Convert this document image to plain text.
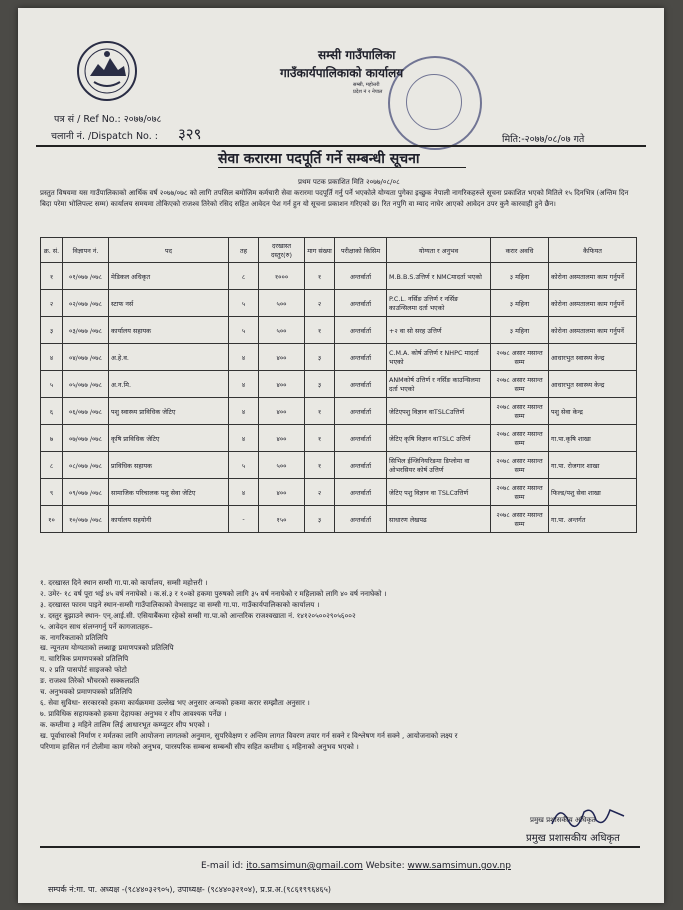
सम्सी गाउँपालिका
गाउँकार्यपालिकाको कार्यालय
सम्सी, महोत्तरी
प्रदेश नं २ नेपाल
पत्र सं / Ref No.: २०७७/०७८
चलानी नं. /Dispatch No. : ३२९	मिति:-२०७७/०८/०७ गते
सेवा करारमा पदपूर्ति गर्ने सम्बन्धी सूचना
प्रथम पटक प्रकाशित मिति २०७७/०८/०८
प्रस्तुत विषयमा यस गाउँपालिकाको आर्थिक वर्ष २०७७/०७८ को लागि तपसिल बमोजिम कर्मचारी सेवा करारमा पदपूर्ति गर्नु पर्ने भएकोले योग्यता पुगेका इच्छुक नेपाली नागरिकहरुले सूचना प्रकाशित भएको मितिले १५ दिनभित्र (अन्तिम दिन बिदा परेमा भोलिपल्ट सम्म) कार्यालय समयमा तोकिएको राजश्व तिरेको रसिद सहित आवेदन पेश गर्न हुन यो सूचना प्रकाशन गरिएको छ। रित नपुगि वा म्याद नाघेर आएको आवेदन उपर कुनै कारवाही हुने छैन।
क्र. सं.	विज्ञापन नं.	पद	तह	दरखास्त दस्तुर(रु)	माग संख्या	परीक्षाको किसिम	योग्यता र अनुभव	करार अवधि	कैफियत
१	०१/०७७ /०७८	मेडिकल अधिकृत	८	१०००	१	अन्तर्वार्ता	M.B.B.S.उत्तिर्ण र NMCमादर्ता भएको	३ महिना	कोरोना अस्पतालमा काम गर्नुपर्ने
२	०२/०७७ /०७८	स्टाफ नर्स	५	५००	२	अन्तर्वार्ता	P.C.L. नर्सिङ उत्तिर्ण र नर्सिङ काउन्सिलमा दर्ता भएको	३ महिना	कोरोना अस्पतालमा काम गर्नुपर्ने
३	०३/०७७ /०७८	कार्यालय सहायक	५	५००	१	अन्तर्वार्ता	+२ वा सो सरह उत्तिर्ण	३ महिना	कोरोना अस्पतालमा काम गर्नुपर्ने
४	०४/०७७ /०७८	अ.हे.व.	४	४००	३	अन्तर्वार्ता	C.M.A. कोर्ष उत्तिर्ण र NHPC मादर्ता भएको	२०७८ असार मसान्त सम्म	आधारभुत स्वास्थ्य केन्द्र
५	०५/०७७ /०७८	अ.न.मि.	४	४००	३	अन्तर्वार्ता	ANMकोर्ष उत्तिर्ण र नर्सिङ काउन्सिलमा दर्ता भएको	२०७८ असार मसान्त सम्म	आधारभुत स्वास्थ्य केन्द्र
६	०६/०७७ /०७८	पशु स्वास्थ्य प्राविधिक जेटिए	४	४००	१	अन्तर्वार्ता	जेटिएपशु विज्ञान वाTSLCउत्तिर्ण	२०७८ असार मसान्त सम्म	पशु सेवा केन्द्र
७	०७/०७७ /०७८	कृषि प्राविधिक जेटिए	४	४००	१	अन्तर्वार्ता	जेटिए कृषि विज्ञान वाTSLC उत्तिर्ण	२०७८ असार मसान्त सम्म	गा.पा.कृषि शाखा
८	०८/०७७ /०७८	प्राविधिक सहायक	५	५००	१	अन्तर्वार्ता	सिभिल ईन्जिनियरिङमा डिप्लोमा वा ओभरसियर कोर्ष उत्तिर्ण	२०७८ असार मसान्त सम्म	गा.पा. रोजगार शाखा
९	०९/०७७ /०७८	सामाजिक परिचालक पशु सेवा जेटिए	४	४००	२	अन्तर्वार्ता	जेटिए पशु विज्ञान वा TSLCउत्तिर्ण	२०७८ असार मसान्त सम्म	फिल्ड/पशु सेवा शाखा
१०	१०/०७७ /०७८	कार्यालय सहयोगी	-	१५०	३	अन्तर्वार्ता	साधारण लेखपढ	२०७८ असार मसान्त सम्म	गा.पा. अन्तर्गत
१. दरखास्त दिने स्थान सम्सी गा.पा.को कार्यालय, सम्सी महोत्तरी ।
२. उमेर- १८ वर्ष पूरा भई ४५ वर्ष ननाघेको । क.सं.३ र १०को हकमा पुरुषको लागि ३५ वर्ष ननाघेको र महिलाको लागि ४० वर्ष ननाघेको ।
३. दरखास्त फारम पाइने स्थान-सम्सी गाउँपालिकाको वेभसाइट वा सम्सी गा.पा. गाउँकार्यपालिकाको कार्यालय ।
४. दस्तुर बुझाउने स्थान- एन्.आई.सी. एसियाबैंकमा रहेको सम्सी गा.पा.को आन्तरिक राजश्वखाता नं. १४१२०५००२९०५६००२
५. आवेदन साथ संलग्नगर्नु पर्ने कागजातहरु–
क. नागरिकताको प्रतिलिपि
ख. न्यूनतम योग्यताको लब्धाङ्क प्रमाणपत्रको प्रतिलिपि
ग. चारित्रिक प्रमाणपत्रको प्रतिलिपि
घ. २ प्रति पासपोर्ट साइजको फोटो
ङ. राजश्व तिरेको भौचरको सक्कलप्रति
च. अनुभवको प्रमाणपत्रको प्रतिलिपि
६. सेवा सुविधा- सरकारको हकमा कार्यक्रममा उल्लेख भए अनुसार अन्यको हकमा करार सम्झौता अनुसार ।
७. प्राविधिक सहायकको हकमा देहायका अनुभव र शीप आवश्यक पर्नेछ ।
क. कम्तीमा ३ महिने तालिम लिई आधारभूत कम्प्युटर शीप भएको ।
ख. पूर्वाधारको निर्माण र मर्मतका लागि आयोजना लागतको अनुमान, सुपरिवेक्षण र अन्तिम लागत विवरण तयार गर्न सक्ने र विश्लेषण गर्न सक्ने , आयोजनाको लक्ष्य र
परिणाम हासिल गर्न टोलीमा काम गरेको अनुभव, पारस्परिक सम्बन्ध सम्बन्धी सीप सहित कम्तीमा ६ महिनाको अनुभव भएको ।
प्रमुख प्रशासकीय अधिकृत
प्रमुख प्रशासकीय अधिकृत
E-mail id: ito.samsimun@gmail.com Website: www.samsimun.gov.np
सम्पर्क नं:गा. पा. अध्यक्ष -(९८४४०३२९०५), उपाध्यक्ष- (९८४४०३२१०४), प्र.प्र.अ.(९८६१९९६४६५)
